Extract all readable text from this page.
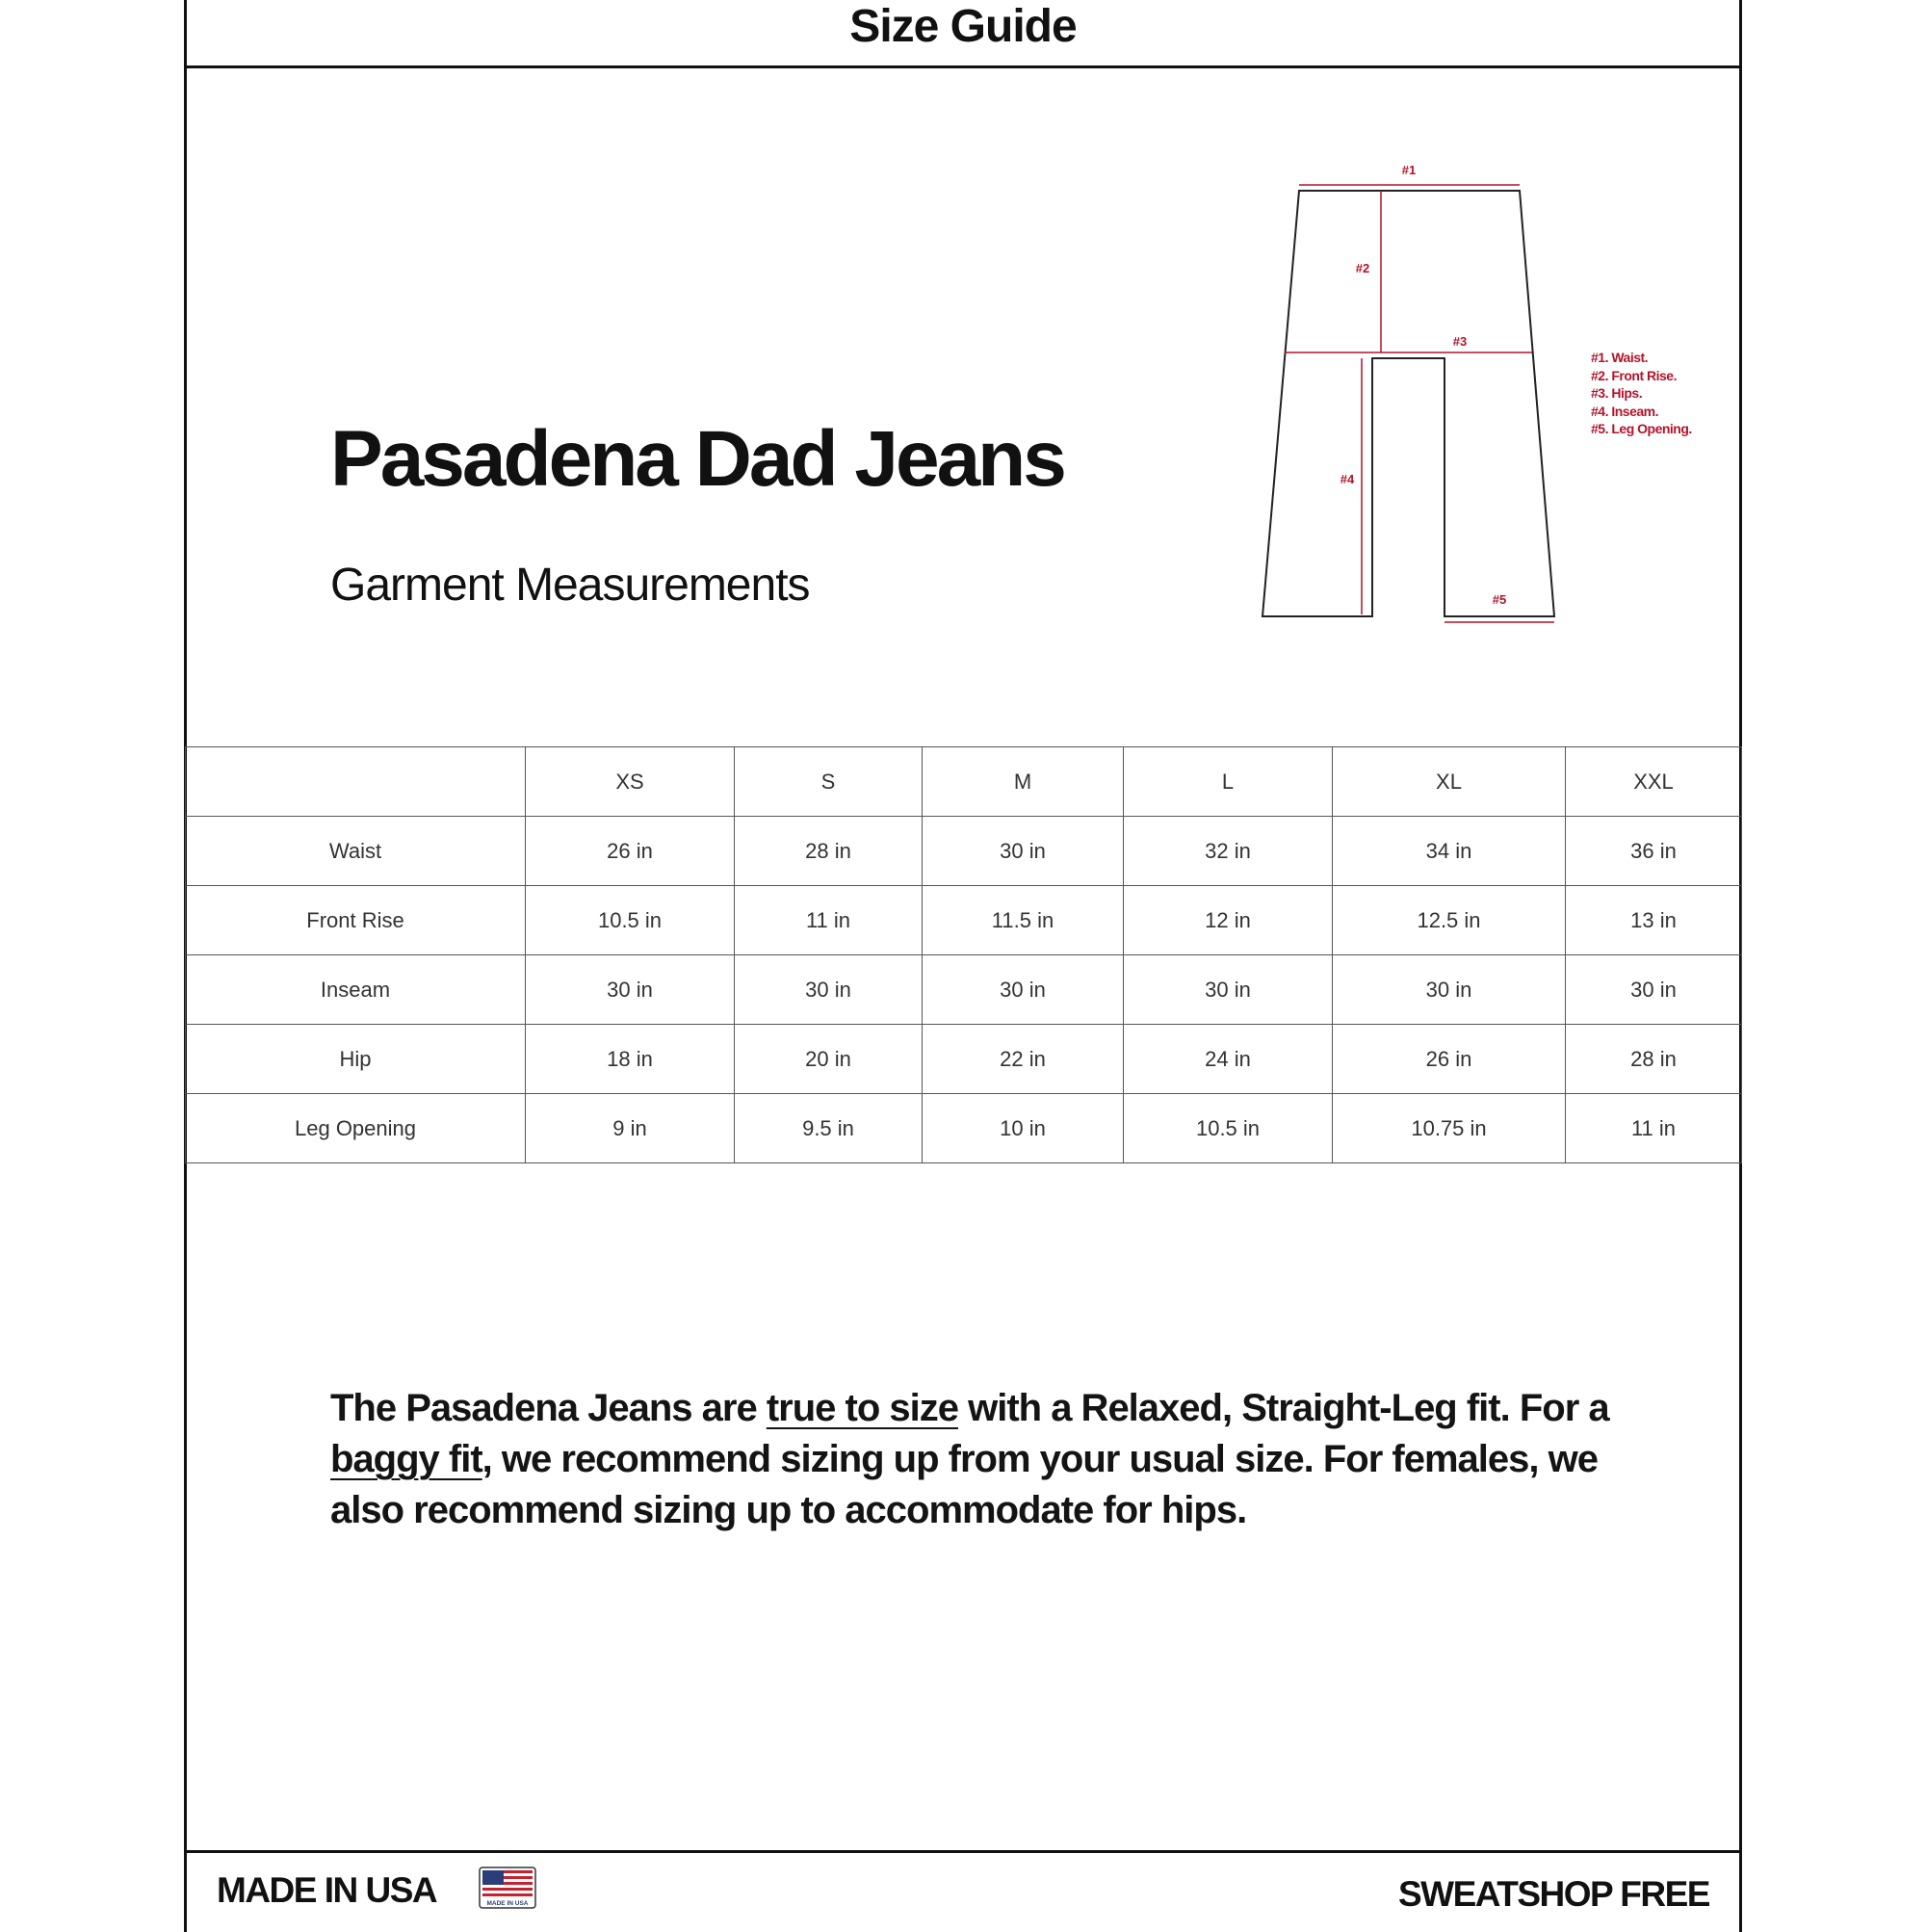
Size Guide
Pasadena Dad Jeans
Garment Measurements
#1
#2
#3
#4
#5
#1. Waist.
#2. Front Rise.
#3. Hips.
#4. Inseam.
#5. Leg Opening.
	XS	S	M	L	XL	XXL
Waist	26 in	28 in	30 in	32 in	34 in	36 in
Front Rise	10.5 in	11 in	11.5 in	12 in	12.5 in	13 in
Inseam	30 in	30 in	30 in	30 in	30 in	30 in
Hip	18 in	20 in	22 in	24 in	26 in	28 in
Leg Opening	9 in	9.5 in	10 in	10.5 in	10.75 in	11 in

The Pasadena Jeans are true to size with a Relaxed, Straight-Leg fit. For a baggy fit, we recommend sizing up from your usual size. For females, we also recommend sizing up to accommodate for hips.

MADE IN USA	MADE IN USA	SWEATSHOP FREE
